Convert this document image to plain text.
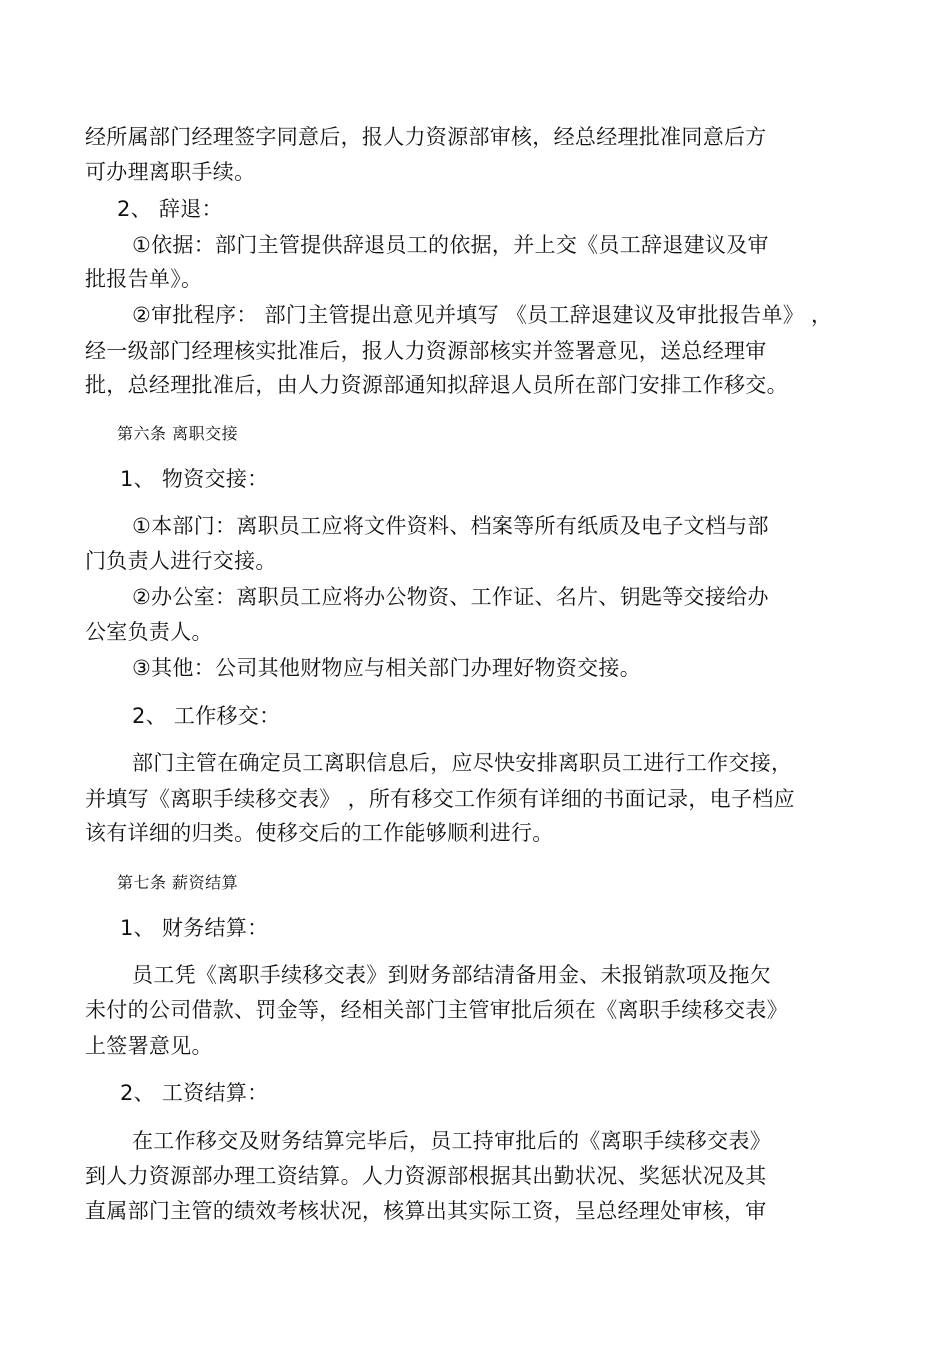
经所属部门经理签字同意后，报人力资源部审核，经总经理批准同意后方
可办理离职手续。
2、 辞退：
①依据：部门主管提供辞退员工的依据，并上交《员工辞退建议及审
批报告单》。
②审批程序： 部门主管提出意见并填写 《员工辞退建议及审批报告单》 ，
经一级部门经理核实批准后，报人力资源部核实并签署意见，送总经理审
批，总经理批准后，由人力资源部通知拟辞退人员所在部门安排工作移交。
第六条 离职交接
1、 物资交接：
①本部门：离职员工应将文件资料、档案等所有纸质及电子文档与部
门负责人进行交接。
②办公室：离职员工应将办公物资、工作证、名片、钥匙等交接给办
公室负责人。
③其他：公司其他财物应与相关部门办理好物资交接。
2、 工作移交：
部门主管在确定员工离职信息后，应尽快安排离职员工进行工作交接，
并填写《离职手续移交表》 ，所有移交工作须有详细的书面记录，电子档应
该有详细的归类。使移交后的工作能够顺利进行。
第七条 薪资结算
1、 财务结算：
员工凭《离职手续移交表》到财务部结清备用金、未报销款项及拖欠
未付的公司借款、罚金等，经相关部门主管审批后须在《离职手续移交表》
上签署意见。
2、 工资结算：
在工作移交及财务结算完毕后，员工持审批后的《离职手续移交表》
到人力资源部办理工资结算。人力资源部根据其出勤状况、奖惩状况及其
直属部门主管的绩效考核状况，核算出其实际工资，呈总经理处审核，审
